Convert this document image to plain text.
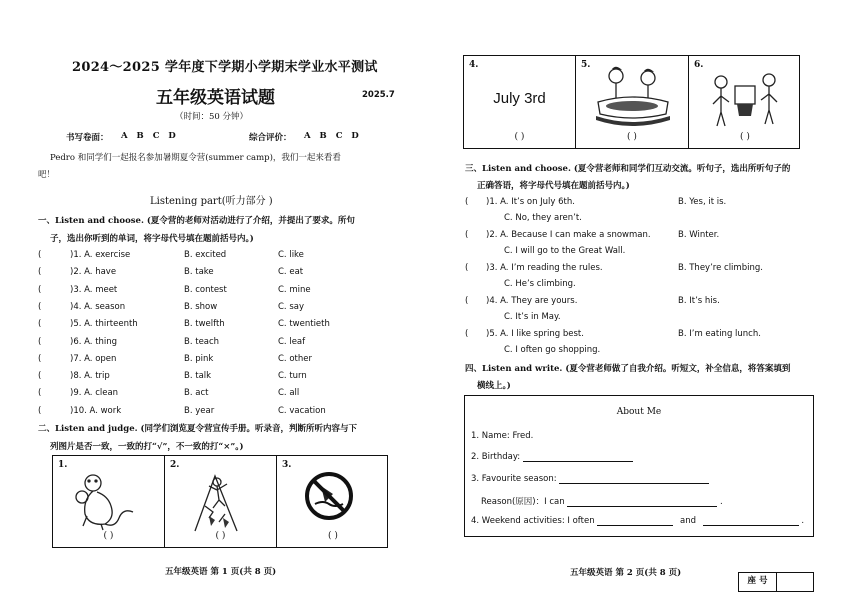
2024～2025 学年度下学期小学期末学业水平测试
2025.7
五年级英语试题
（时间：50 分钟）
书写卷面： A B C D	综合评价： A B C D
Pedro 和同学们一起报名参加暑期夏令营(summer camp)，我们一起来看看
吧！
Listening part(听力部分 )
一、Listen and choose. (夏令营的老师对活动进行了介绍，并提出了要求。所句
子，选出你听到的单词，将字母代号填在题前括号内。)
(	)1. A. exercise	B. excited	C. like
(	)2. A. have	B. take	C. eat
(	)3. A. meet	B. contest	C. mine
(	)4. A. season	B. show	C. say
(	)5. A. thirteenth	B. twelfth	C. twentieth
(	)6. A. thing	B. teach	C. leaf
(	)7. A. open	B. pink	C. other
(	)8. A. trip	B. talk	C. turn
(	)9. A. clean	B. act	C. all
(	)10. A. work	B. year	C. vacation
二、Listen and judge. (同学们浏览夏令营宣传手册。听录音，判断所听内容与下
列图片是否一致，一致的打“√”，不一致的打“×”。)
1.
( )
2.
( )
3.
( )
五年级英语 第 1 页(共 8 页)
4.
July 3rd
( )
5.
( )
6.
( )
三、Listen and choose. (夏令营老师和同学们互动交流。听句子，选出所听句子的
正确答语，将字母代号填在题前括号内。)
( )1. A. It’s on July 6th.	B. Yes, it is.
C. No, they aren’t.
( )2. A. Because I can make a snowman.	B. Winter.
C. I will go to the Great Wall.
( )3. A. I’m reading the rules.	B. They’re climbing.
C. He’s climbing.
( )4. A. They are yours.	B. It’s his.
C. It’s in May.
( )5. A. I like spring best.	B. I’m eating lunch.
C. I often go shopping.
四、Listen and write. (夏令营老师做了自我介绍。听短文，补全信息，将答案填到
横线上。)
About Me
1. Name: Fred.
2. Birthday:
3. Favourite season:
Reason(原因)：I can	.
4. Weekend activities: I often	and	.
五年级英语 第 2 页(共 8 页)
座 号
